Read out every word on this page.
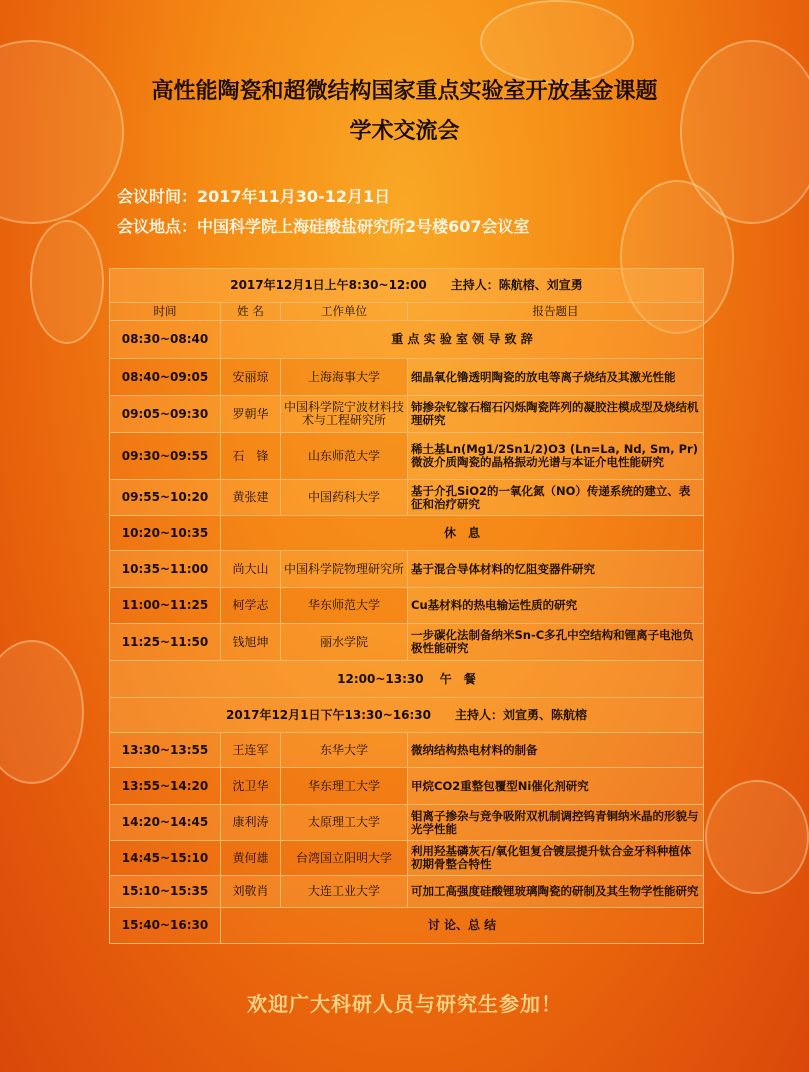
高性能陶瓷和超微结构国家重点实验室开放基金课题
学术交流会
会议时间：2017年11月30-12月1日
会议地点：中国科学院上海硅酸盐研究所2号楼607会议室
2017年12月1日上午8:30~12:00　　主持人：陈航榕、刘宣勇			
时间	姓 名	工作单位	报告题目
08:30~08:40	重 点 实 验 室 领 导 致 辞		
08:40~09:05	安丽琼	上海海事大学	细晶氧化镥透明陶瓷的放电等离子烧结及其激光性能
09:05~09:30	罗朝华	中国科学院宁波材料技术与工程研究所	铈掺杂钇镓石榴石闪烁陶瓷阵列的凝胶注模成型及烧结机理研究
09:30~09:55	石　锋	山东师范大学	稀土基Ln(Mg1/2Sn1/2)O3 (Ln=La, Nd, Sm, Pr)微波介质陶瓷的晶格振动光谱与本证介电性能研究
09:55~10:20	黄张建	中国药科大学	基于介孔SiO2的一氧化氮（NO）传递系统的建立、表征和治疗研究
10:20~10:35	休　息		
10:35~11:00	尚大山	中国科学院物理研究所	基于混合导体材料的忆阻变器件研究
11:00~11:25	柯学志	华东师范大学	Cu基材料的热电输运性质的研究
11:25~11:50	钱旭坤	丽水学院	一步碳化法制备纳米Sn-C多孔中空结构和锂离子电池负极性能研究
12:00~13:30　 午　餐			
2017年12月1日下午13:30~16:30　　主持人：刘宣勇、陈航榕			
13:30~13:55	王连军	东华大学	微纳结构热电材料的制备
13:55~14:20	沈卫华	华东理工大学	甲烷CO2重整包覆型Ni催化剂研究
14:20~14:45	康利涛	太原理工大学	钼离子掺杂与竞争吸附双机制调控钨青铜纳米晶的形貌与光学性能
14:45~15:10	黄何雄	台湾国立阳明大学	利用羟基磷灰石/氧化钽复合镀层提升钛合金牙科种植体初期骨整合特性
15:10~15:35	刘敬肖	大连工业大学	可加工高强度硅酸锂玻璃陶瓷的研制及其生物学性能研究
15:40~16:30	讨 论、总 结		
欢迎广大科研人员与研究生参加！
